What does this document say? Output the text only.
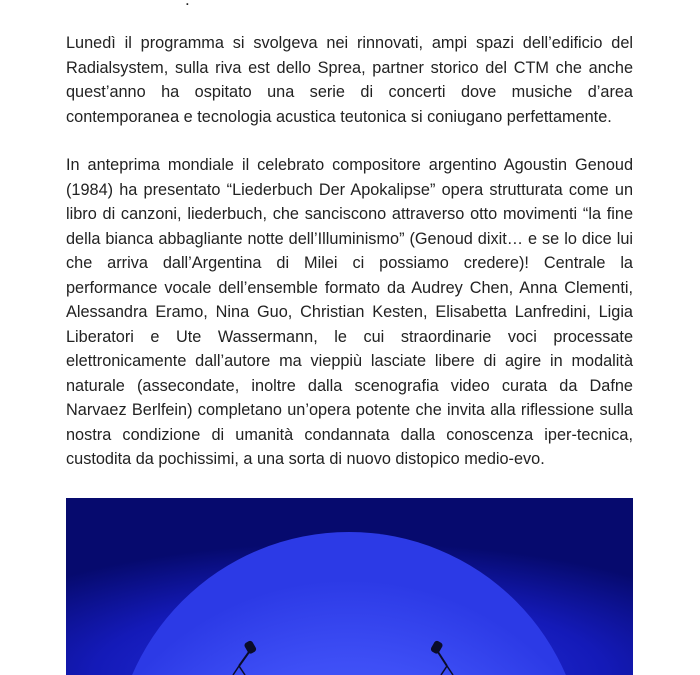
Lunedì il programma si svolgeva nei rinnovati, ampi spazi dell’edificio del Radialsystem, sulla riva est dello Sprea, partner storico del CTM che anche quest’anno ha ospitato una serie di concerti dove musiche d’area contemporanea e tecnologia acustica teutonica si coniugano perfettamente.

In anteprima mondiale il celebrato compositore argentino Agoustin Genoud (1984) ha presentato “Liederbuch Der Apokalipse” opera strutturata come un libro di canzoni, liederbuch, che sanciscono attraverso otto movimenti “la fine della bianca abbagliante notte dell’Illuminismo” (Genoud dixit… e se lo dice lui che arriva dall’Argentina di Milei ci possiamo credere)! Centrale la performance vocale dell’ensemble formato da Audrey Chen, Anna Clementi, Alessandra Eramo, Nina Guo, Christian Kesten, Elisabetta Lanfredini, Ligia Liberatori e Ute Wassermann, le cui straordinarie voci processate elettronicamente dall’autore ma vieppiù lasciate libere di agire in modalità naturale (assecondate, inoltre dalla scenografia video curata da Dafne Narvaez Berlfein) completano un’opera potente che invita alla riflessione sulla nostra condizione di umanità condannata dalla conoscenza iper-tecnica, custodita da pochissimi, a una sorta di nuovo distopico medio-evo.
